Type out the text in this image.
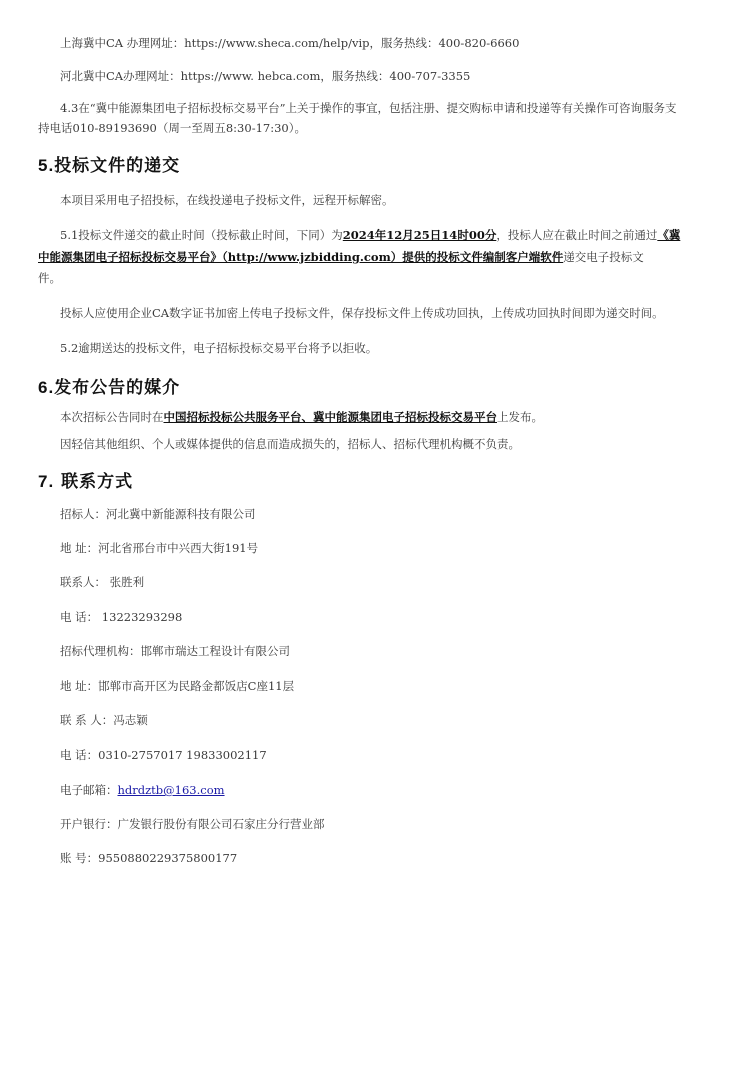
上海冀中CA 办理网址：https://www.sheca.com/help/vip，服务热线：400-820-6660
河北冀中CA办理网址：https://www. hebca.com，服务热线：400-707-3355
4.3在“冀中能源集团电子招标投标交易平台”上关于操作的事宜，包括注册、提交购标申请和投递等有关操作可咨询服务支
持电话010-89193690（周一至周五8:30-17:30）。
5.投标文件的递交
本项目采用电子招投标，在线投递电子投标文件，远程开标解密。
5.1投标文件递交的截止时间（投标截止时间，下同）为2024年12月25日14时00分，投标人应在截止时间之前通过《冀
中能源集团电子招标投标交易平台》（http://www.jzbidding.com）提供的投标文件编制客户端软件递交电子投标文
件。
投标人应使用企业CA数字证书加密上传电子投标文件，保存投标文件上传成功回执，上传成功回执时间即为递交时间。
5.2逾期送达的投标文件，电子招标投标交易平台将予以拒收。
6.发布公告的媒介
本次招标公告同时在中国招标投标公共服务平台、冀中能源集团电子招标投标交易平台上发布。
因轻信其他组织、个人或媒体提供的信息而造成损失的，招标人、招标代理机构概不负责。
7. 联系方式
招标人：河北冀中新能源科技有限公司
地 址：河北省邢台市中兴西大街191号
联系人： 张胜利
电 话： 13223293298
招标代理机构：邯郸市瑞达工程设计有限公司
地 址：邯郸市高开区为民路金都饭店C座11层
联 系 人：冯志颖
电 话：0310-2757017 19833002117
电子邮箱：hdrdztb@163.com
开户银行：广发银行股份有限公司石家庄分行营业部
账 号：9550880229375800177
